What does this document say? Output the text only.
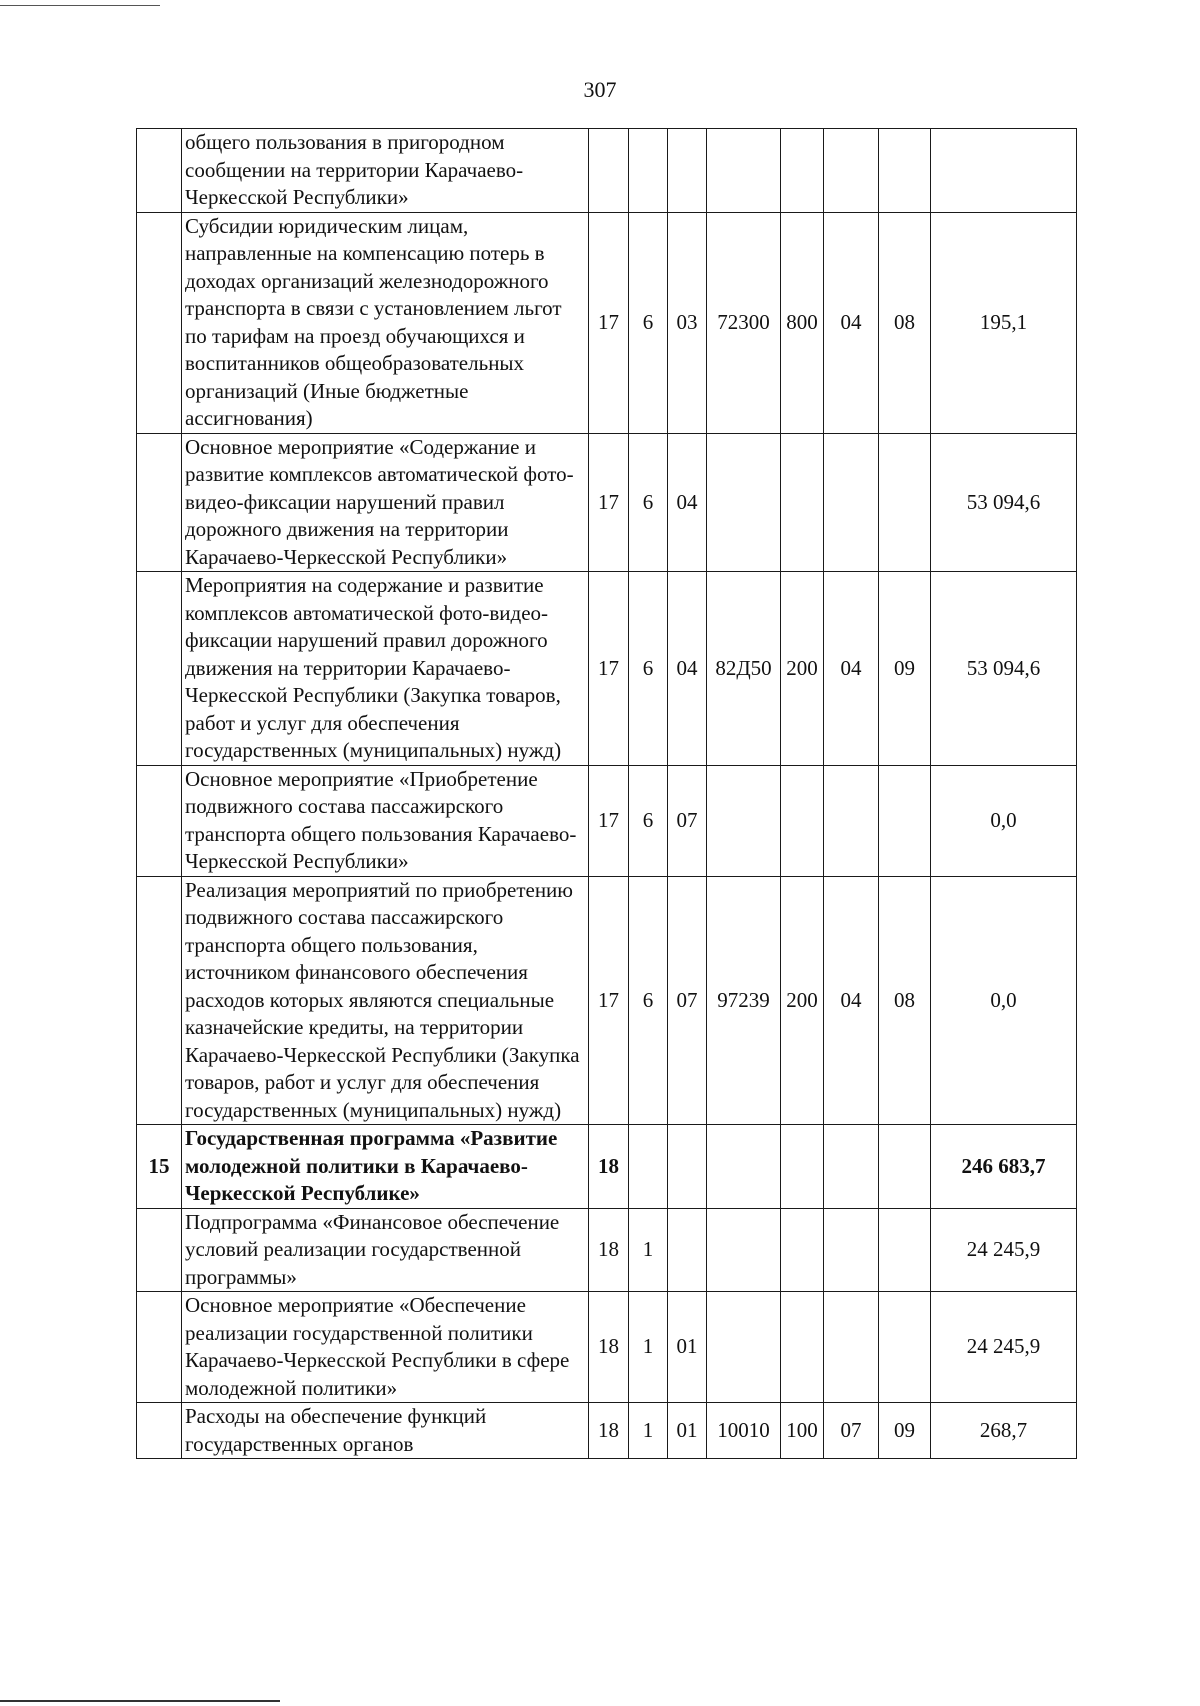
307
	общего пользования в пригородном сообщении на территории Карачаево-Черкесской Республики»								
	Субсидии юридическим лицам, направленные на компенсацию потерь в доходах организаций железнодорожного транспорта в связи с установлением льгот по тарифам на проезд обучающихся и воспитанников общеобразовательных организаций (Иные бюджетные ассигнования)	17	6	03	72300	800	04	08	195,1
	Основное мероприятие «Содержание и развитие комплексов автоматической фото-видео-фиксации нарушений правил дорожного движения на территории Карачаево-Черкесской Республики»	17	6	04					53 094,6
	Мероприятия на содержание и развитие комплексов автоматической фото-видео-фиксации нарушений правил дорожного движения на территории Карачаево-Черкесской Республики (Закупка товаров, работ и услуг для обеспечения государственных (муниципальных) нужд)	17	6	04	82Д50	200	04	09	53 094,6
	Основное мероприятие «Приобретение подвижного состава пассажирского транспорта общего пользования Карачаево-Черкесской Республики»	17	6	07					0,0
	Реализация мероприятий по приобретению подвижного состава пассажирского транспорта общего пользования, источником финансового обеспечения расходов которых являются специальные казначейские кредиты, на территории Карачаево-Черкесской Республики (Закупка товаров, работ и услуг для обеспечения государственных (муниципальных) нужд)	17	6	07	97239	200	04	08	0,0
15	Государственная программа «Развитие молодежной политики в Карачаево-Черкесской Республике»	18							246 683,7
	Подпрограмма «Финансовое обеспечение условий реализации государственной программы»	18	1						24 245,9
	Основное мероприятие «Обеспечение реализации государственной политики Карачаево-Черкесской Республики в сфере молодежной политики»	18	1	01					24 245,9
	Расходы на обеспечение функций государственных органов	18	1	01	10010	100	07	09	268,7
